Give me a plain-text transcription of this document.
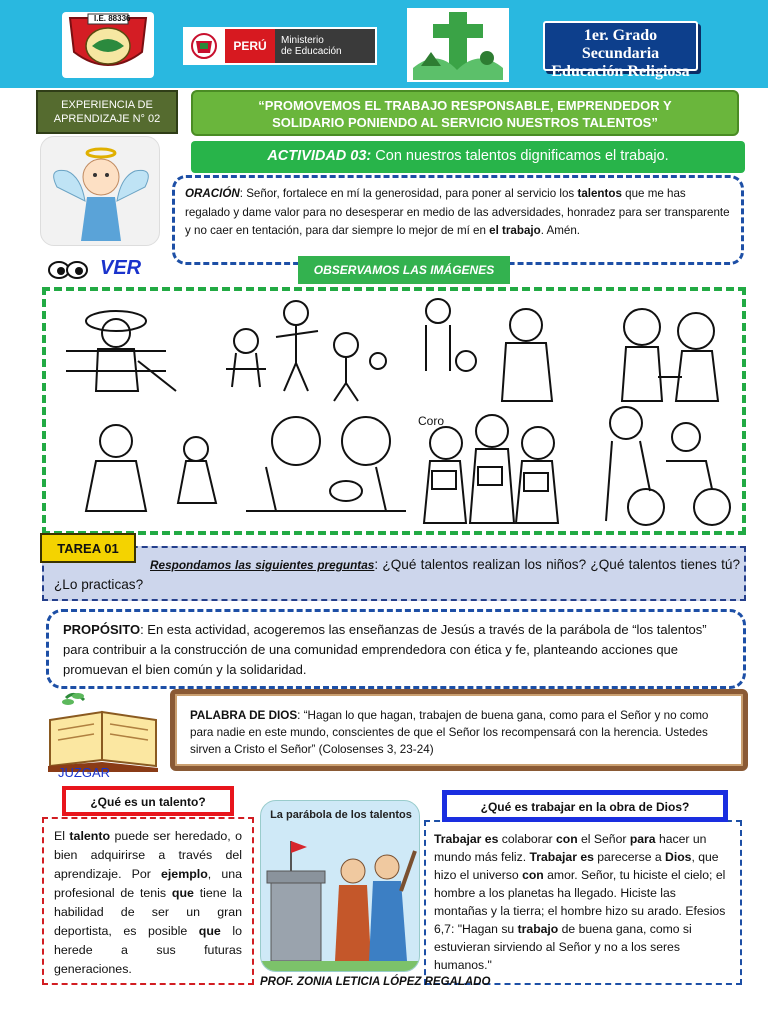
I.E. 88336
PERÚ	Ministerio
de Educación
1er. Grado Secundaria
Educación Religiosa
EXPERIENCIA DE
APRENDIZAJE N° 02
“PROMOVEMOS EL TRABAJO RESPONSABLE, EMPRENDEDOR Y
SOLIDARIO PONIENDO AL SERVICIO NUESTROS TALENTOS”
ACTIVIDAD 03: Con nuestros talentos dignificamos el trabajo.
ORACIÓN: Señor, fortalece en mí la generosidad, para poner al servicio los talentos que me has regalado y dame valor para no desesperar en medio de las adversidades, honradez para ser transparente y no caer en tentación, para dar siempre lo mejor de mí en el trabajo. Amén.
VER	OBSERVAMOS LAS IMÁGENES
Coro
TAREA 01
Respondamos las siguientes preguntas: ¿Qué talentos realizan los niños? ¿Qué talentos tienes tú? ¿Lo practicas?
PROPÓSITO: En esta actividad, acogeremos las enseñanzas de Jesús a través de la parábola de “los talentos” para contribuir a la construcción de una comunidad emprendedora con ética y fe, planteando acciones que promuevan el bien común y la solidaridad.
JUZGAR
PALABRA DE DIOS: “Hagan lo que hagan, trabajen de buena gana, como para el Señor y no como para nadie en este mundo, conscientes de que el Señor los recompensará con la herencia. Ustedes sirven a Cristo el Señor” (Colosenses 3, 23-24)
El talento puede ser heredado, o bien adquirirse a través del aprendizaje. Por ejemplo, una profesional de tenis que tiene la habilidad de ser un gran deportista, es posible que lo herede a sus futuras generaciones.
¿Qué es un talento?
La parábola de los talentos
Trabajar es colaborar con el Señor para hacer un mundo más feliz. Trabajar es parecerse a Dios, que hizo el universo con amor. Señor, tu hiciste el cielo; el hombre a los planetas ha llegado. Hiciste las montañas y la tierra; el hombre hizo su arado. Efesios 6,7: "Hagan su trabajo de buena gana, como si estuvieran sirviendo al Señor y no a los seres humanos."
¿Qué es trabajar en la obra de Dios?
PROF. ZONIA LETICIA LÓPEZ REGALADO
